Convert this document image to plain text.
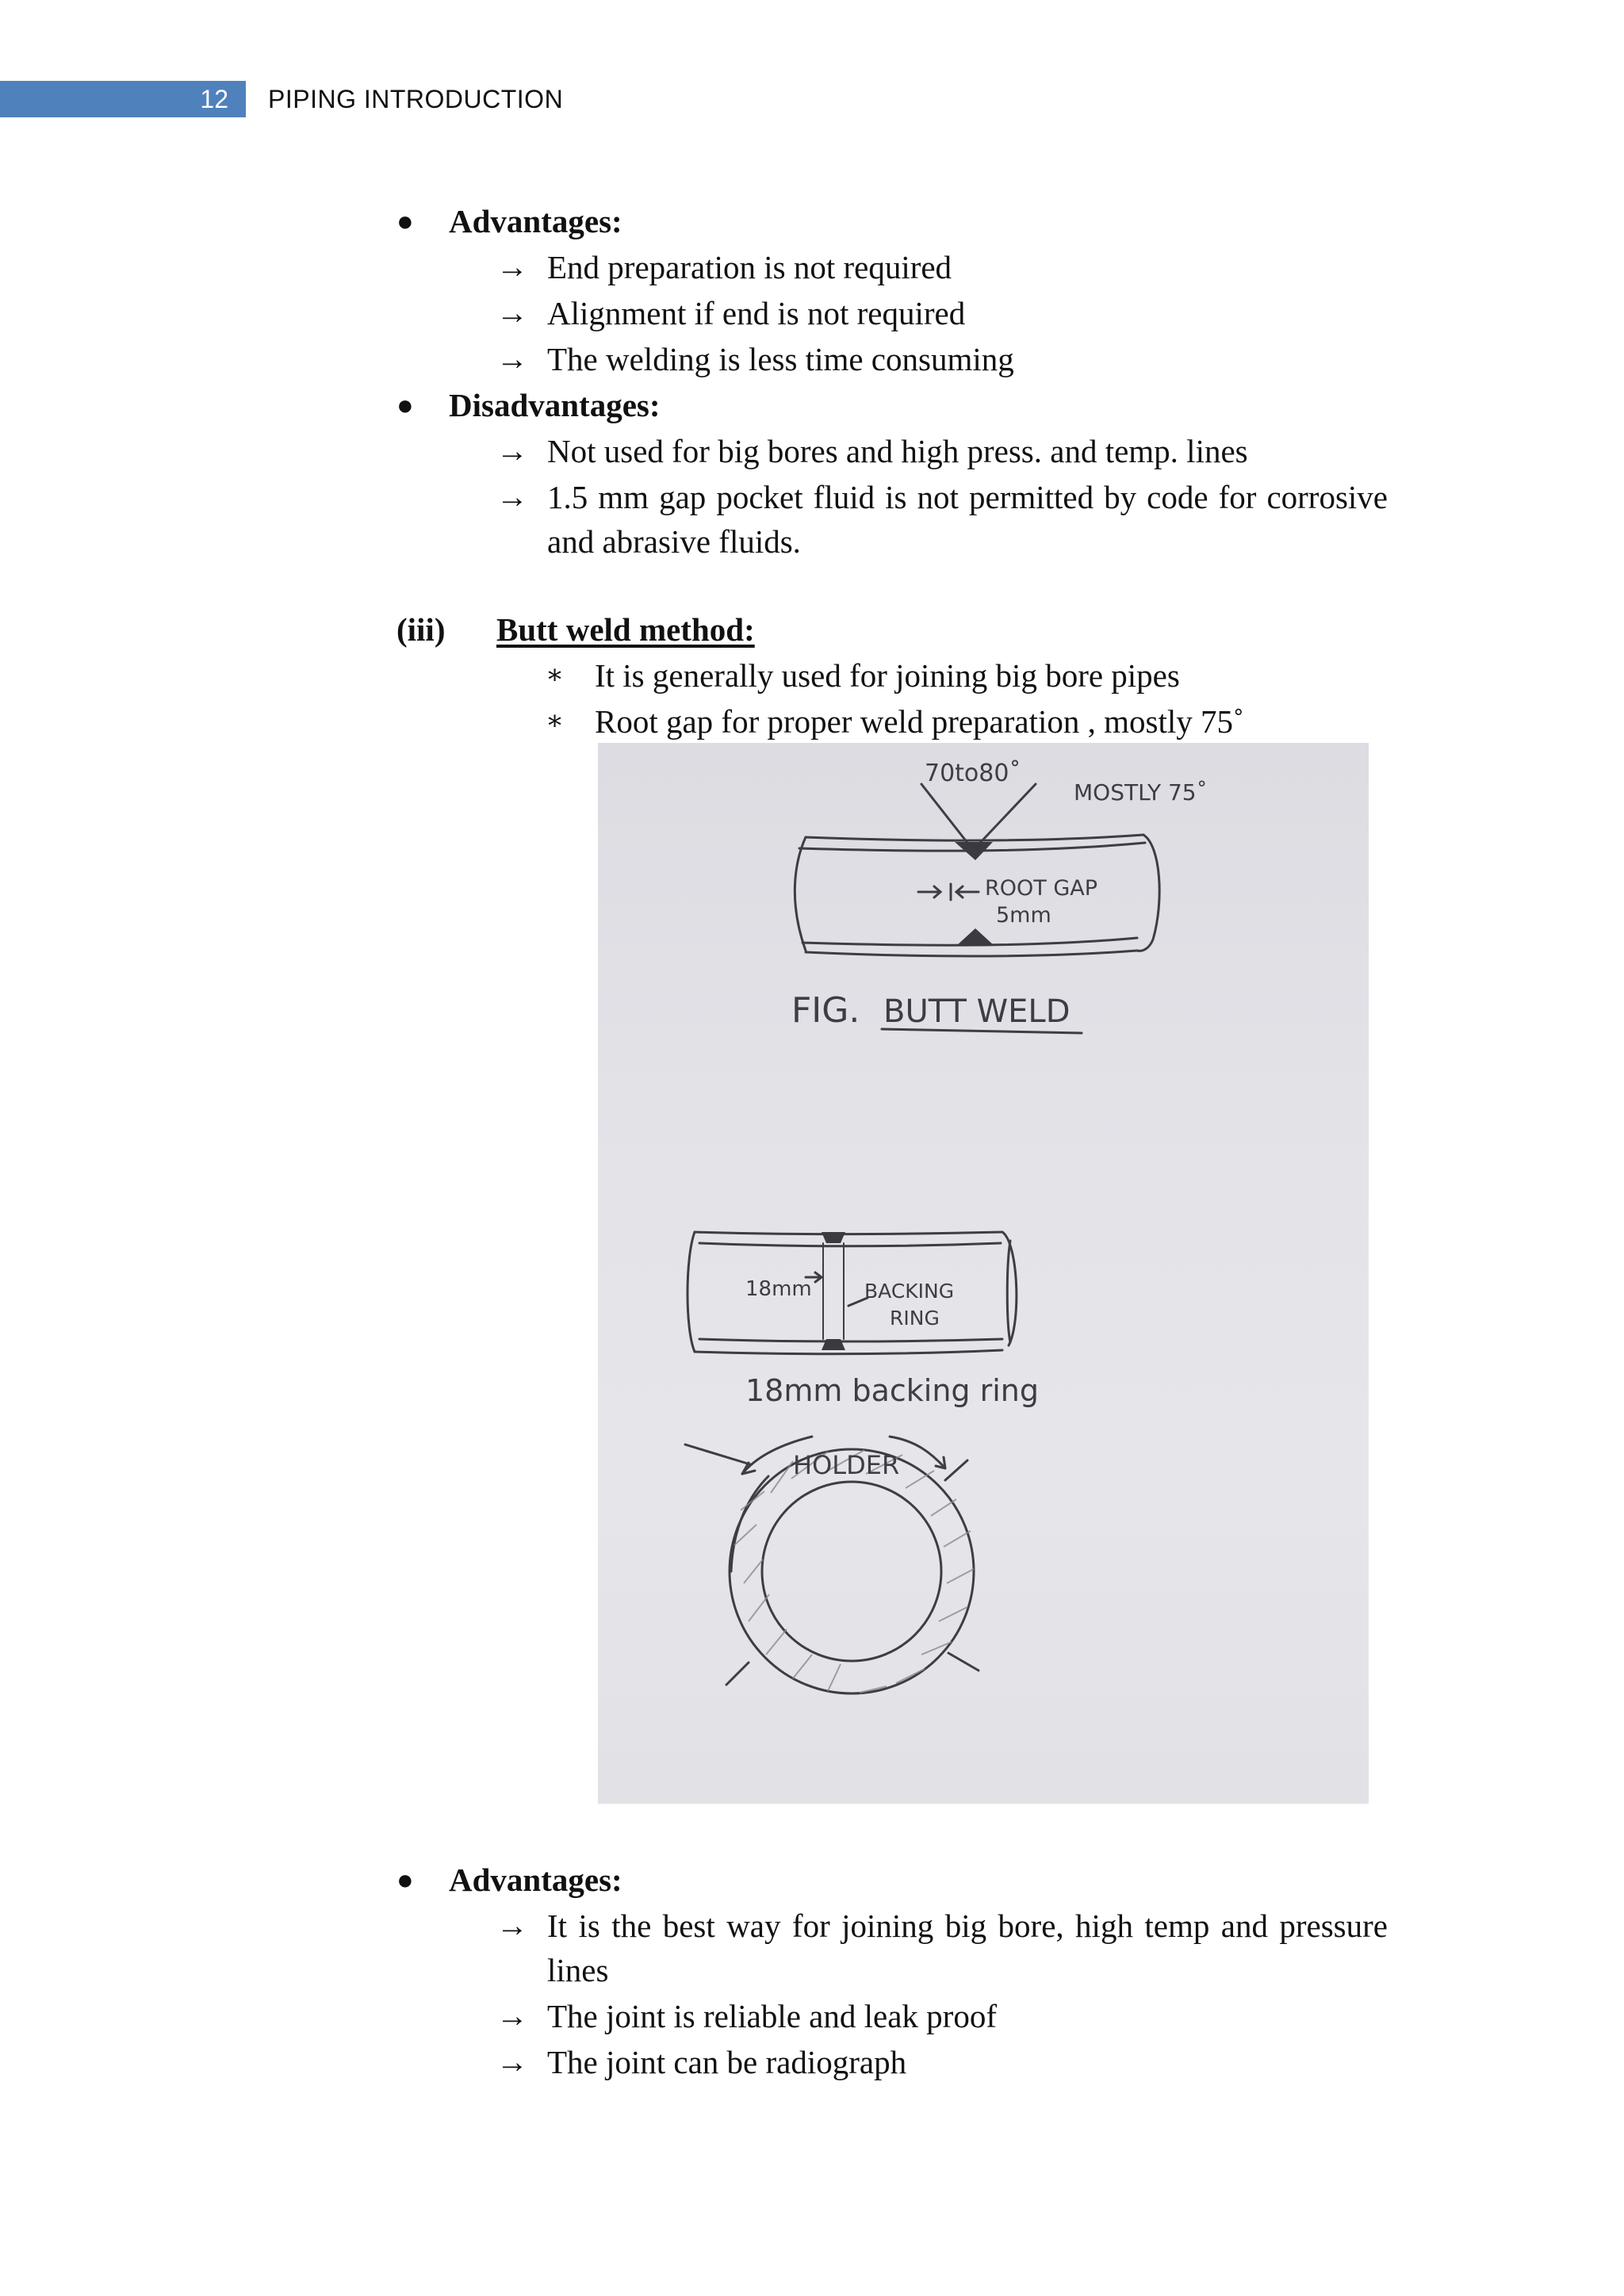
12 PIPING INTRODUCTION
● Advantages:
→ End preparation is not required
→ Alignment if end is not required
→ The welding is less time consuming
● Disadvantages:
→ Not used for big bores and high press. and temp. lines
→ 1.5 mm gap pocket fluid is not permitted by code for corrosive
and abrasive fluids.
(iii) Butt weld method:
∗ It is generally used for joining big bore pipes
∗ Root gap for proper weld preparation , mostly 75˚
70to80˚
MOSTLY 75˚
ROOT GAP
5mm
FIG. BUTT WELD
18mm	BACKING
RING
18mm backing ring
HOLDER
● Advantages:
→ It is the best way for joining big bore, high temp and pressure
lines
→ The joint is reliable and leak proof
→ The joint can be radiograph
